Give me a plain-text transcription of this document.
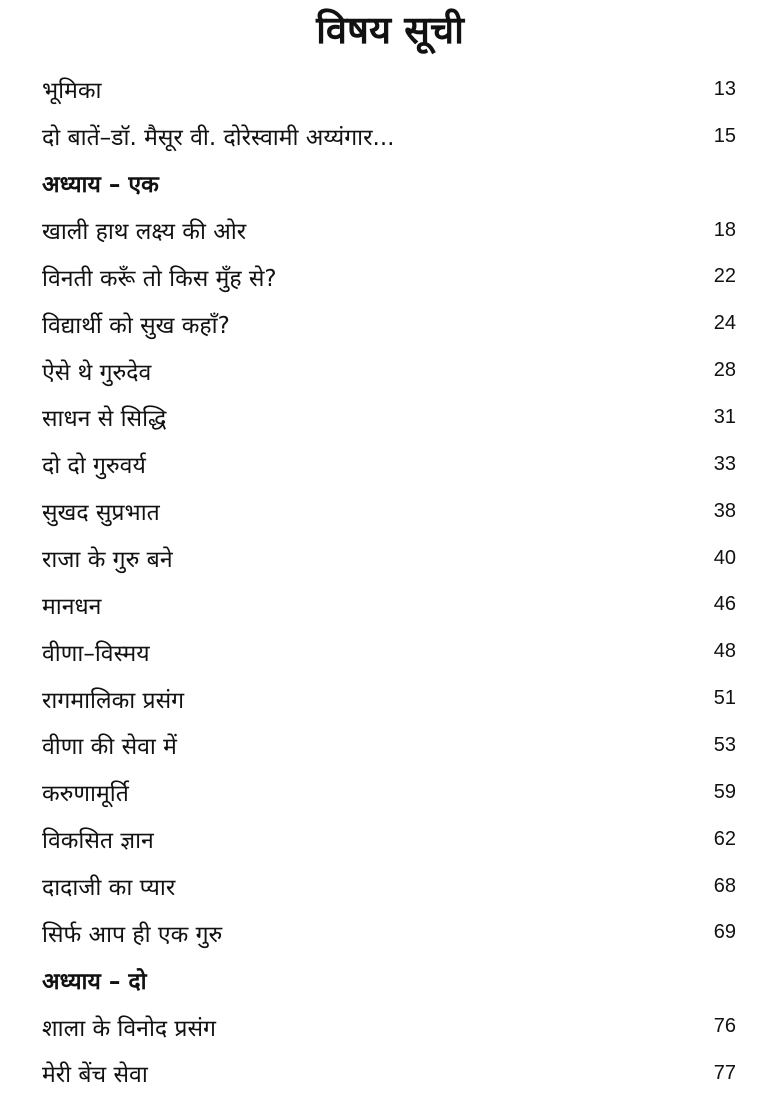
विषय सूची
भूमिका	13
दो बातें–डॉ. मैसूर वी. दोरेस्वामी अय्यंगार...	15
अध्याय – एक
खाली हाथ लक्ष्य की ओर	18
विनती करूँ तो किस मुँह से?	22
विद्यार्थी को सुख कहाँ?	24
ऐसे थे गुरुदेव	28
साधन से सिद्धि	31
दो दो गुरुवर्य	33
सुखद सुप्रभात	38
राजा के गुरु बने	40
मानधन	46
वीणा–विस्मय	48
रागमालिका प्रसंग	51
वीणा की सेवा में	53
करुणामूर्ति	59
विकसित ज्ञान	62
दादाजी का प्यार	68
सिर्फ आप ही एक गुरु	69
अध्याय – दो
शाला के विनोद प्रसंग	76
मेरी बेंच सेवा	77
